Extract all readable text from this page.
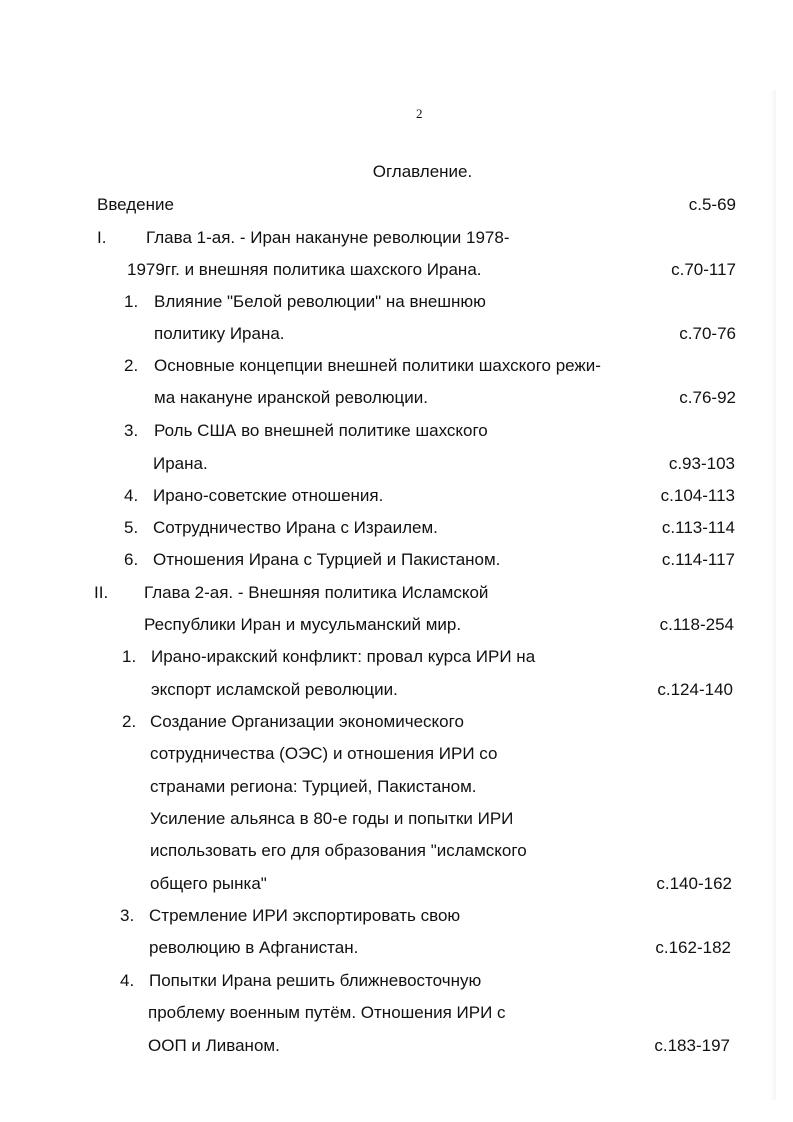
2
Оглавление.
Введение	с.5-69
I. Глава 1-ая. - Иран накануне революции 1978-
1979гг. и внешняя политика шахского Ирана.	с.70-117
1. Влияние "Белой революции" на внешнюю
политику Ирана.	с.70-76
2. Основные концепции внешней политики шахского режи-
ма накануне иранской революции.	с.76-92
3. Роль США во внешней политике шахского
Ирана.	с.93-103
4. Ирано-советские отношения.	с.104-113
5. Сотрудничество Ирана с Израилем.	с.113-114
6. Отношения Ирана с Турцией и Пакистаном.	с.114-117
II. Глава 2-ая. - Внешняя политика Исламской
Республики Иран и мусульманский мир.	с.118-254
1. Ирано-иракский конфликт: провал курса ИРИ на
экспорт исламской революции.	с.124-140
2. Создание Организации экономического
сотрудничества (ОЭС) и отношения ИРИ со
странами региона: Турцией, Пакистаном.
Усиление альянса в 80-е годы и попытки ИРИ
использовать его для образования "исламского
общего рынка"	с.140-162
3. Стремление ИРИ экспортировать свою
революцию в Афганистан.	с.162-182
4. Попытки Ирана решить ближневосточную
проблему военным путём. Отношения ИРИ с
ООП и Ливаном.	с.183-197
